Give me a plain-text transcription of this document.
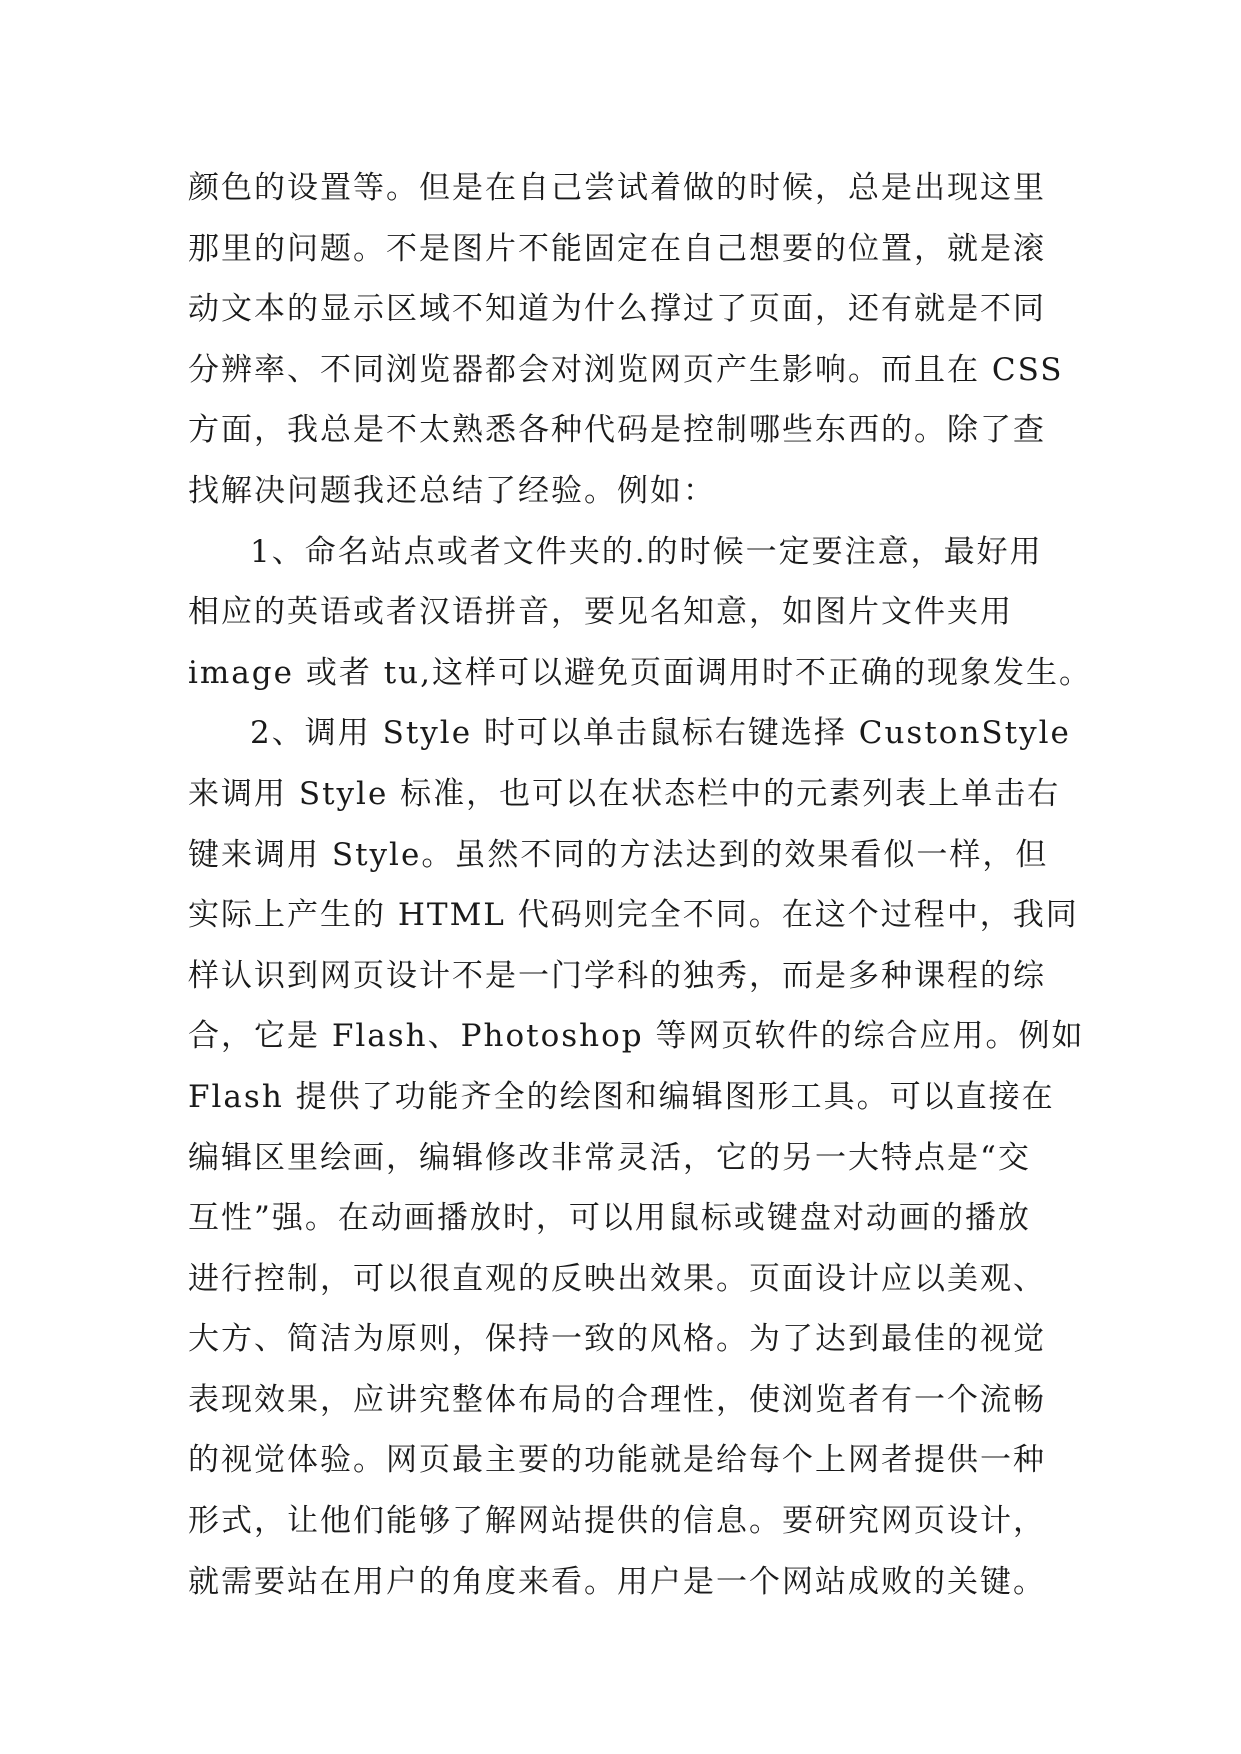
颜色的设置等。但是在自己尝试着做的时候，总是出现这里
那里的问题。不是图片不能固定在自己想要的位置，就是滚
动文本的显示区域不知道为什么撑过了页面，还有就是不同
分辨率、不同浏览器都会对浏览网页产生影响。而且在 CSS
方面，我总是不太熟悉各种代码是控制哪些东西的。除了查
找解决问题我还总结了经验。例如：
1、命名站点或者文件夹的.的时候一定要注意，最好用
相应的英语或者汉语拼音，要见名知意，如图片文件夹用
image 或者 tu,这样可以避免页面调用时不正确的现象发生。
2、调用 Style 时可以单击鼠标右键选择 CustonStyle
来调用 Style 标准，也可以在状态栏中的元素列表上单击右
键来调用 Style。虽然不同的方法达到的效果看似一样，但
实际上产生的 HTML 代码则完全不同。在这个过程中，我同
样认识到网页设计不是一门学科的独秀，而是多种课程的综
合，它是 Flash、Photoshop 等网页软件的综合应用。例如
Flash 提供了功能齐全的绘图和编辑图形工具。可以直接在
编辑区里绘画，编辑修改非常灵活，它的另一大特点是“交
互性”强。在动画播放时，可以用鼠标或键盘对动画的播放
进行控制，可以很直观的反映出效果。页面设计应以美观、
大方、简洁为原则，保持一致的风格。为了达到最佳的视觉
表现效果，应讲究整体布局的合理性，使浏览者有一个流畅
的视觉体验。网页最主要的功能就是给每个上网者提供一种
形式，让他们能够了解网站提供的信息。要研究网页设计，
就需要站在用户的角度来看。用户是一个网站成败的关键。
